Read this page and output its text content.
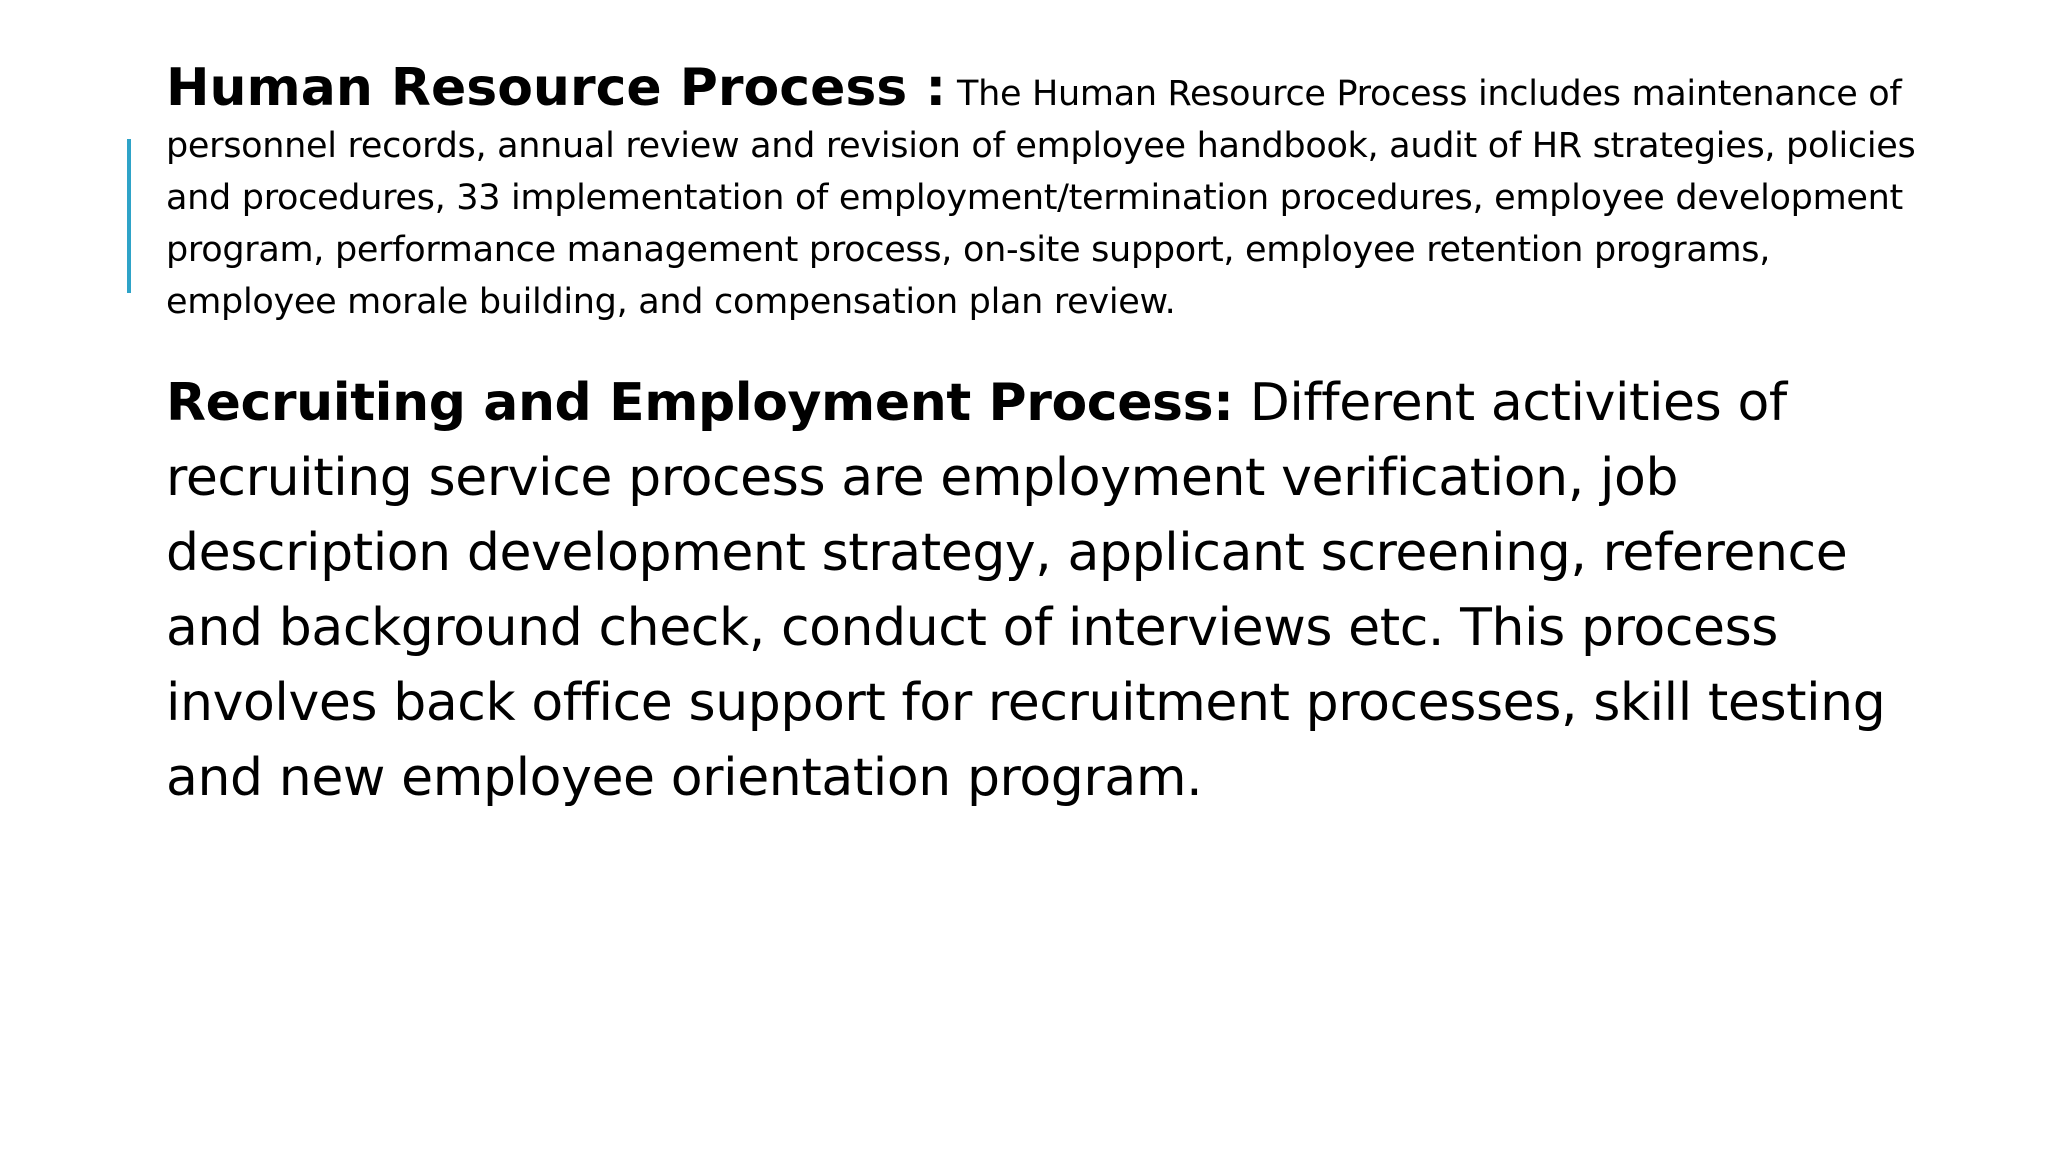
Human Resource Process : The Human Resource Process includes maintenance of personnel records, annual review and revision of employee handbook, audit of HR strategies, policies and procedures, 33 implementation of employment/termination procedures, employee development program, performance management process, on-site support, employee retention programs, employee morale building, and compensation plan review.

Recruiting and Employment Process: Different activities of recruiting service process are employment verification, job description development strategy, applicant screening, reference and background check, conduct of interviews etc. This process involves back office support for recruitment processes, skill testing and new employee orientation program.
